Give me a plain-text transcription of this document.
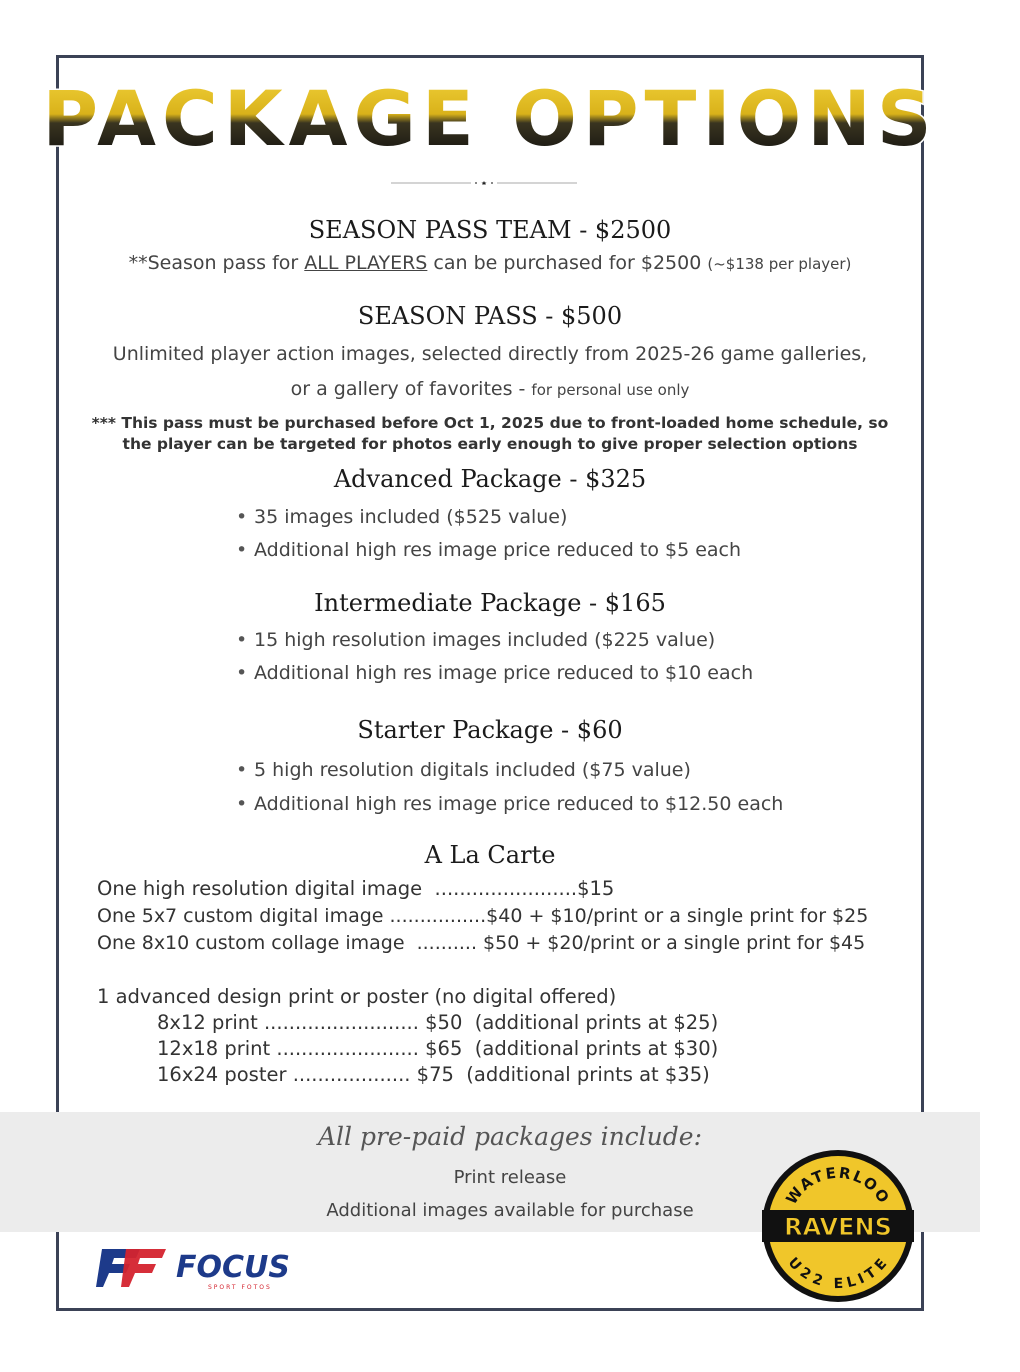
PACKAGE OPTIONS
SEASON PASS TEAM - $2500
**Season pass for ALL PLAYERS can be purchased for $2500 (~$138 per player)
SEASON PASS - $500
Unlimited player action images, selected directly from 2025-26 game galleries,
or a gallery of favorites - for personal use only
*** This pass must be purchased before Oct 1, 2025 due to front-loaded home schedule, so
the player can be targeted for photos early enough to give proper selection options
Advanced Package - $325
• 35 images included ($525 value)
• Additional high res image price reduced to $5 each
Intermediate Package - $165
• 15 high resolution images included ($225 value)
• Additional high res image price reduced to $10 each
Starter Package - $60
• 5 high resolution digitals included ($75 value)
• Additional high res image price reduced to $12.50 each
A La Carte
One high resolution digital image  .......................$15
One 5x7 custom digital image ................$40 + $10/print or a single print for $25
One 8x10 custom collage image  .......... $50 + $20/print or a single print for $45
1 advanced design print or poster (no digital offered)
8x12 print ......................... $50  (additional prints at $25)
12x18 print ....................... $65  (additional prints at $30)
16x24 poster ................... $75  (additional prints at $35)
All pre-paid packages include:
Print release
Additional images available for purchase
FOCUS
SPORT FOTOS
WATERLOO
RAVENS
U22 ELITE
